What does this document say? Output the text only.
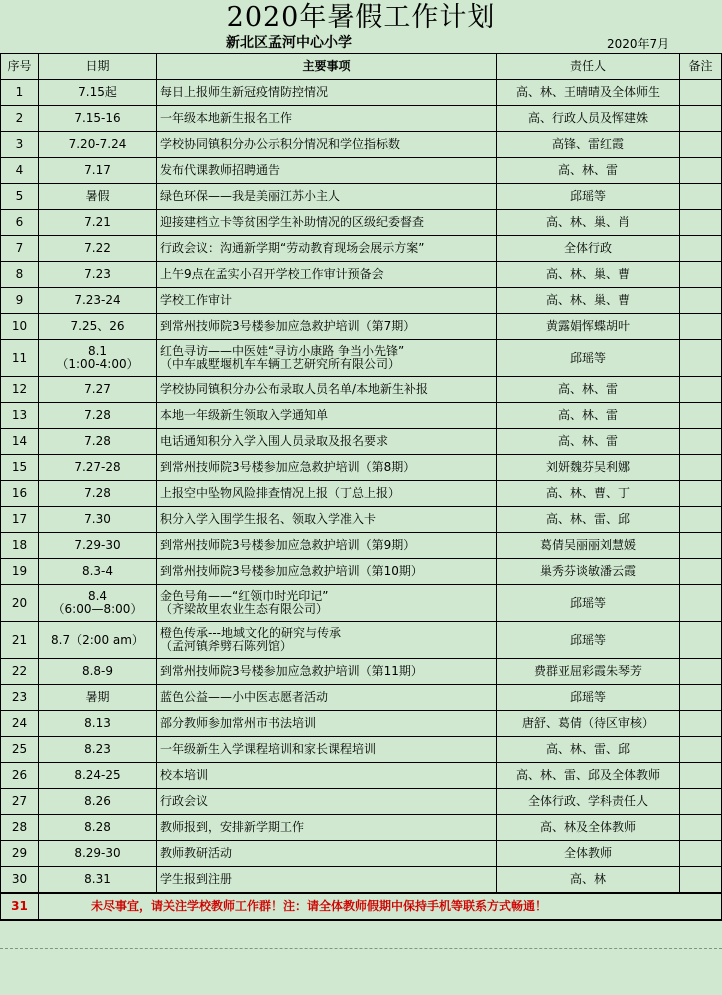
2020年暑假工作计划
新北区孟河中心小学	2020年7月
序号	日期	主要事项	责任人	备注
1	7.15起	每日上报师生新冠疫情防控情况	高、林、王晴晴及全体师生	
2	7.15-16	一年级本地新生报名工作	高、行政人员及恽建姝	
3	7.20-7.24	学校协同镇积分办公示积分情况和学位指标数	高锋、雷红霞	
4	7.17	发布代课教师招聘通告	高、林、雷	
5	暑假	绿色环保——我是美丽江苏小主人	邱瑶等	
6	7.21	迎接建档立卡等贫困学生补助情况的区级纪委督查	高、林、巢、肖	
7	7.22	行政会议：沟通新学期“劳动教育现场会展示方案”	全体行政	
8	7.23	上午9点在孟实小召开学校工作审计预备会	高、林、巢、曹	
9	7.23-24	学校工作审计	高、林、巢、曹	
10	7.25、26	到常州技师院3号楼参加应急救护培训（第7期）	黄露娟恽蝶胡叶	
11	8.1
（1:00-4:00）	红色寻访——中医娃“寻访小康路 争当小先锋”
（中车戚墅堰机车车辆工艺研究所有限公司）	邱瑶等	
12	7.27	学校协同镇积分办公布录取人员名单/本地新生补报	高、林、雷	
13	7.28	本地一年级新生领取入学通知单	高、林、雷	
14	7.28	电话通知积分入学入围人员录取及报名要求	高、林、雷	
15	7.27-28	到常州技师院3号楼参加应急救护培训（第8期）	刘妍魏芬吴利娜	
16	7.28	上报空中坠物风险排查情况上报（丁总上报）	高、林、曹、丁	
17	7.30	积分入学入围学生报名、领取入学准入卡	高、林、雷、邱	
18	7.29-30	到常州技师院3号楼参加应急救护培训（第9期）	葛倩吴丽丽刘慧媛	
19	8.3-4	到常州技师院3号楼参加应急救护培训（第10期）	巢秀芬谈敏潘云霞	
20	8.4
（6:00—8:00）	金色号角——“红领巾时光印记”
（齐梁故里农业生态有限公司）	邱瑶等	
21	8.7（2:00 am）	橙色传承---地域文化的研究与传承
（孟河镇斧劈石陈列馆）	邱瑶等	
22	8.8-9	到常州技师院3号楼参加应急救护培训（第11期）	费群亚屈彩霞朱琴芳	
23	暑期	蓝色公益——小中医志愿者活动	邱瑶等	
24	8.13	部分教师参加常州市书法培训	唐舒、葛倩（待区审核）	
25	8.23	一年级新生入学课程培训和家长课程培训	高、林、雷、邱	
26	8.24-25	校本培训	高、林、雷、邱及全体教师	
27	8.26	行政会议	全体行政、学科责任人	
28	8.28	教师报到，安排新学期工作	高、林及全体教师	
29	8.29-30	教师教研活动	全体教师	
30	8.31	学生报到注册	高、林	
31	未尽事宜，请关注学校教师工作群！注：请全体教师假期中保持手机等联系方式畅通！			
